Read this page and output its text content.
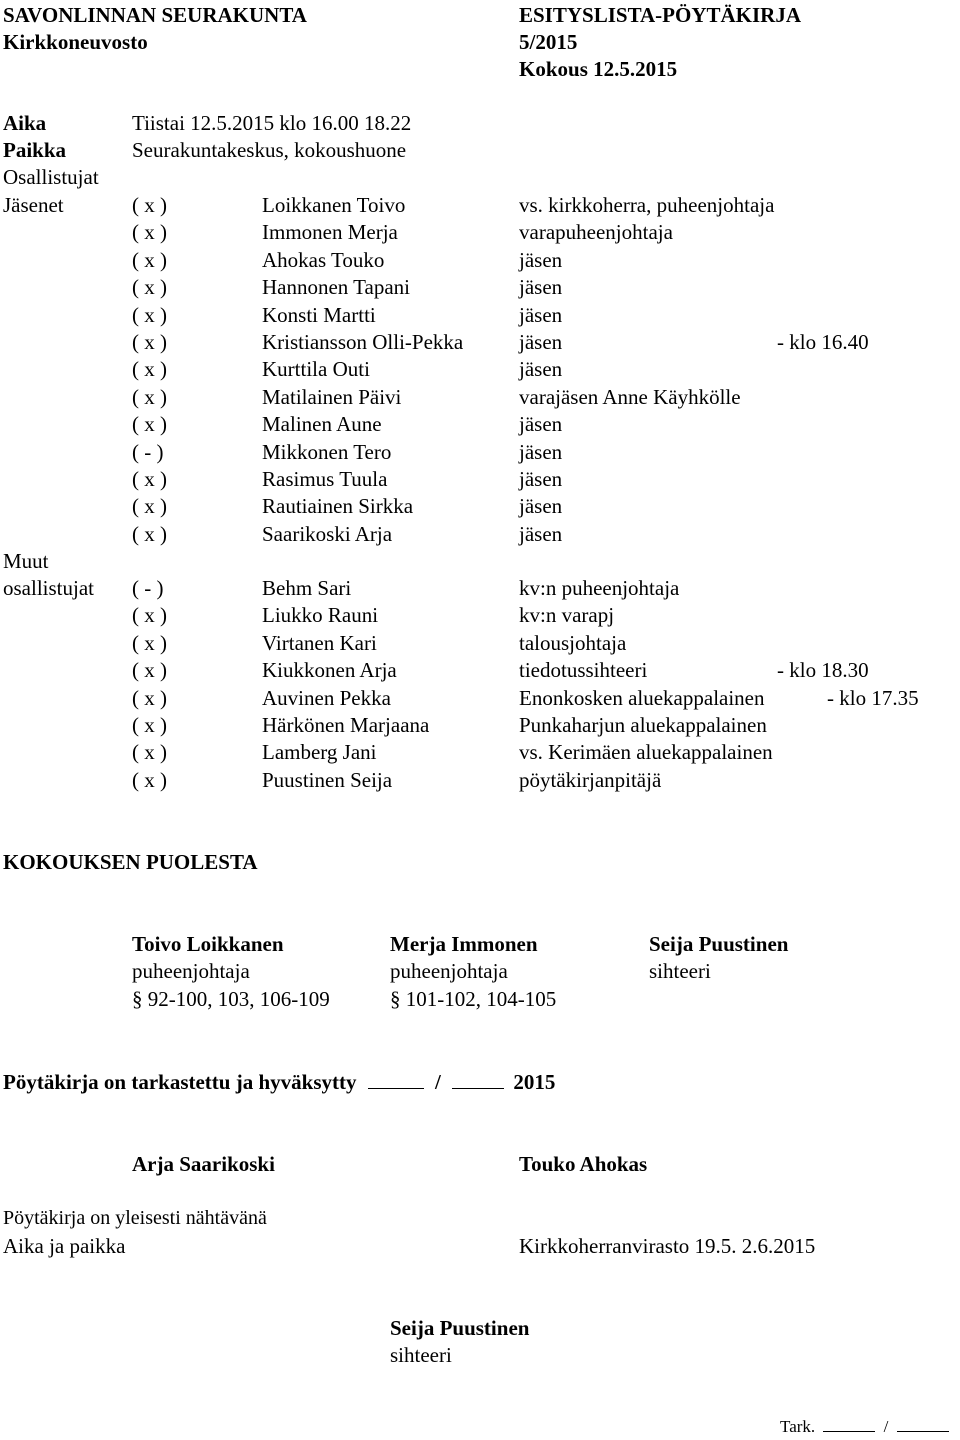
SAVONLINNAN SEURAKUNTA
Kirkkoneuvosto
ESITYSLISTA-PÖYTÄKIRJA
5/2015
Kokous 12.5.2015
Aika	Tiistai 12.5.2015 klo 16.00 18.22
Paikka	Seurakuntakeskus, kokoushuone
Osallistujat
Jäsenet	( x )	Loikkanen Toivo	vs. kirkkoherra, puheenjohtaja
( x )	Immonen Merja	varapuheenjohtaja
( x )	Ahokas Touko	jäsen
( x )	Hannonen Tapani	jäsen
( x )	Konsti Martti	jäsen
( x )	Kristiansson Olli-Pekka	jäsen	- klo 16.40
( x )	Kurttila Outi	jäsen
( x )	Matilainen Päivi	varajäsen Anne Käyhkölle
( x )	Malinen Aune	jäsen
( - )	Mikkonen Tero	jäsen
( x )	Rasimus Tuula	jäsen
( x )	Rautiainen Sirkka	jäsen
( x )	Saarikoski Arja	jäsen
Muut
osallistujat ( - )	Behm Sari	kv:n puheenjohtaja
( x )	Liukko Rauni	kv:n varapj
( x )	Virtanen Kari	talousjohtaja
( x )	Kiukkonen Arja	tiedotussihteeri	- klo 18.30
( x )	Auvinen Pekka	Enonkosken aluekappalainen	- klo 17.35
( x )	Härkönen Marjaana	Punkaharjun aluekappalainen
( x )	Lamberg Jani	vs. Kerimäen aluekappalainen
( x )	Puustinen Seija	pöytäkirjanpitäjä
KOKOUKSEN PUOLESTA
Toivo Loikkanen
puheenjohtaja
§ 92-100, 103, 106-109
Merja Immonen
puheenjohtaja
§ 101-102, 104-105
Seija Puustinen
sihteeri
Pöytäkirja on tarkastettu ja hyväksytty	/	2015
Arja Saarikoski	Touko Ahokas
Pöytäkirja on yleisesti nähtävänä
Aika ja paikka	Kirkkoherranvirasto 19.5. 2.6.2015
Seija Puustinen
sihteeri
Tark.	/
